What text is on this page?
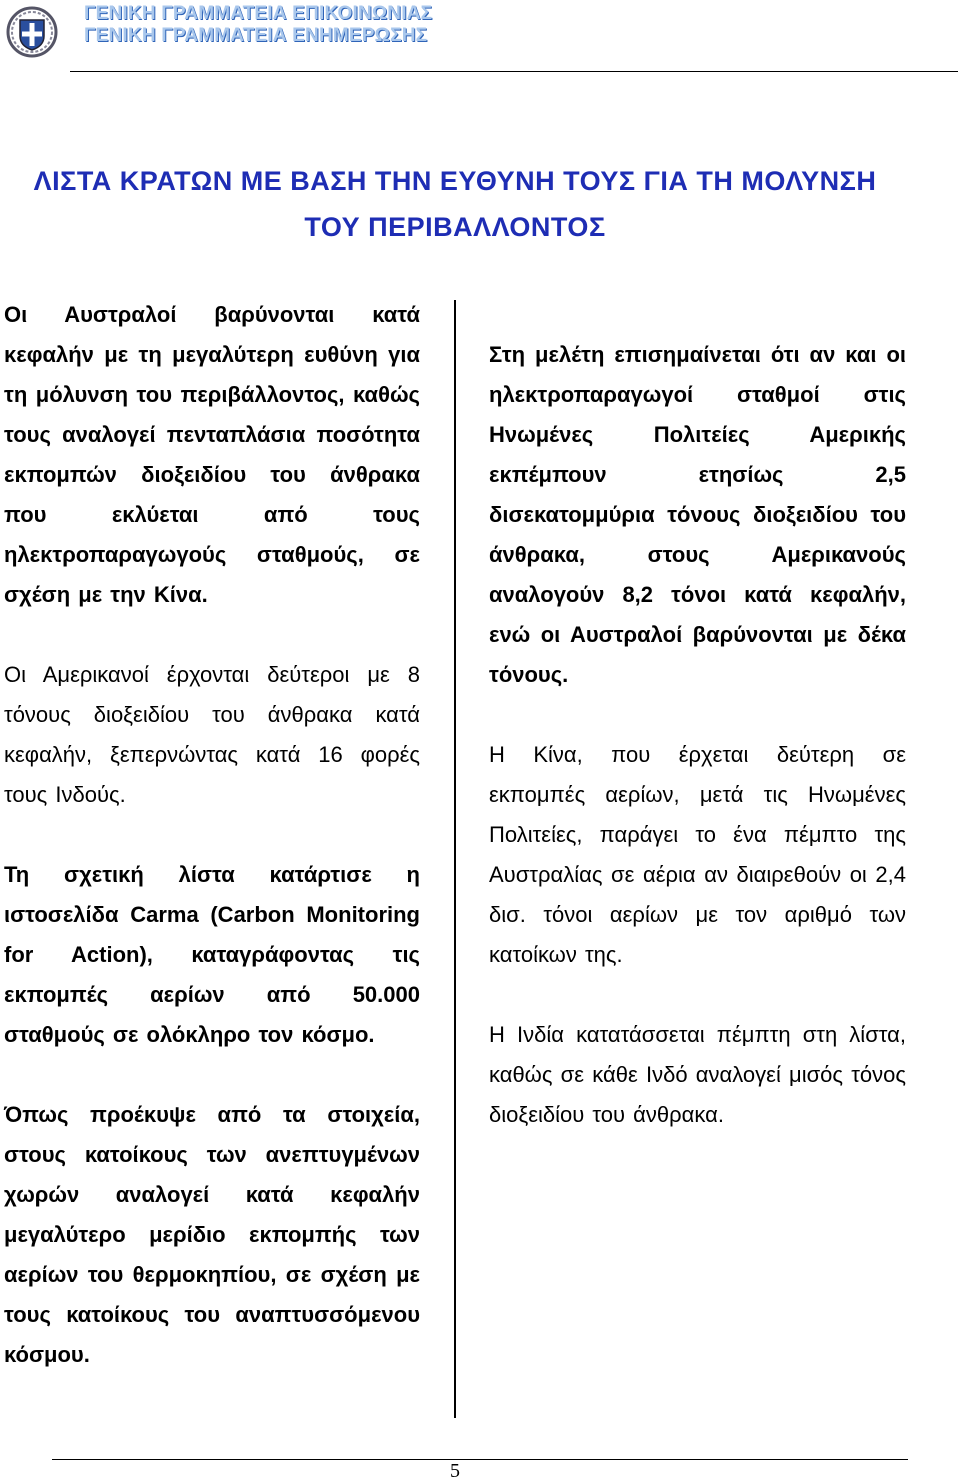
ΓΕΝΙΚΗ ΓΡΑΜΜΑΤΕΙΑ ΕΠΙΚΟΙΝΩΝΙΑΣ
ΓΕΝΙΚΗ ΓΡΑΜΜΑΤΕΙΑ ΕΝΗΜΕΡΩΣΗΣ
ΛΙΣΤΑ ΚΡΑΤΩΝ ΜΕ ΒΑΣΗ ΤΗΝ ΕΥΘΥΝΗ ΤΟΥΣ ΓΙΑ ΤΗ ΜΟΛΥΝΣΗ
ΤΟΥ ΠΕΡΙΒΑΛΛΟΝΤΟΣ

Οι Αυστραλοί βαρύνονται κατά κεφαλήν με τη μεγαλύτερη ευθύνη για τη μόλυνση του περιβάλλοντος, καθώς τους αναλογεί πενταπλάσια ποσότητα εκπομπών διοξειδίου του άνθρακα που εκλύεται από τους ηλεκτροπαραγωγούς σταθμούς, σε σχέση με την Κίνα.

Οι Αμερικανοί έρχονται δεύτεροι με 8 τόνους διοξειδίου του άνθρακα κατά κεφαλήν, ξεπερνώντας κατά 16 φορές τους Ινδούς.

Τη σχετική λίστα κατάρτισε η ιστοσελίδα Carma (Carbon Monitoring for Action), καταγράφοντας τις εκπομπές αερίων από 50.000 σταθμούς σε ολόκληρο τον κόσμο.

Όπως προέκυψε από τα στοιχεία, στους κατοίκους των ανεπτυγμένων χωρών αναλογεί κατά κεφαλήν μεγαλύτερο μερίδιο εκπομπής των αερίων του θερμοκηπίου, σε σχέση με τους κατοίκους του αναπτυσσόμενου κόσμου.

Στη μελέτη επισημαίνεται ότι αν και οι ηλεκτροπαραγωγοί σταθμοί στις Ηνωμένες Πολιτείες Αμερικής εκπέμπουν ετησίως 2,5 δισεκατομμύρια τόνους διοξειδίου του άνθρακα, στους Αμερικανούς αναλογούν 8,2 τόνοι κατά κεφαλήν, ενώ οι Αυστραλοί βαρύνονται με δέκα τόνους.

Η Κίνα, που έρχεται δεύτερη σε εκπομπές αερίων, μετά τις Ηνωμένες Πολιτείες, παράγει το ένα πέμπτο της Αυστραλίας σε αέρια αν διαιρεθούν οι 2,4 δισ. τόνοι αερίων με τον αριθμό των κατοίκων της.

Η Ινδία κατατάσσεται πέμπτη στη λίστα, καθώς σε κάθε Ινδό αναλογεί μισός τόνος διοξειδίου του άνθρακα.

5
